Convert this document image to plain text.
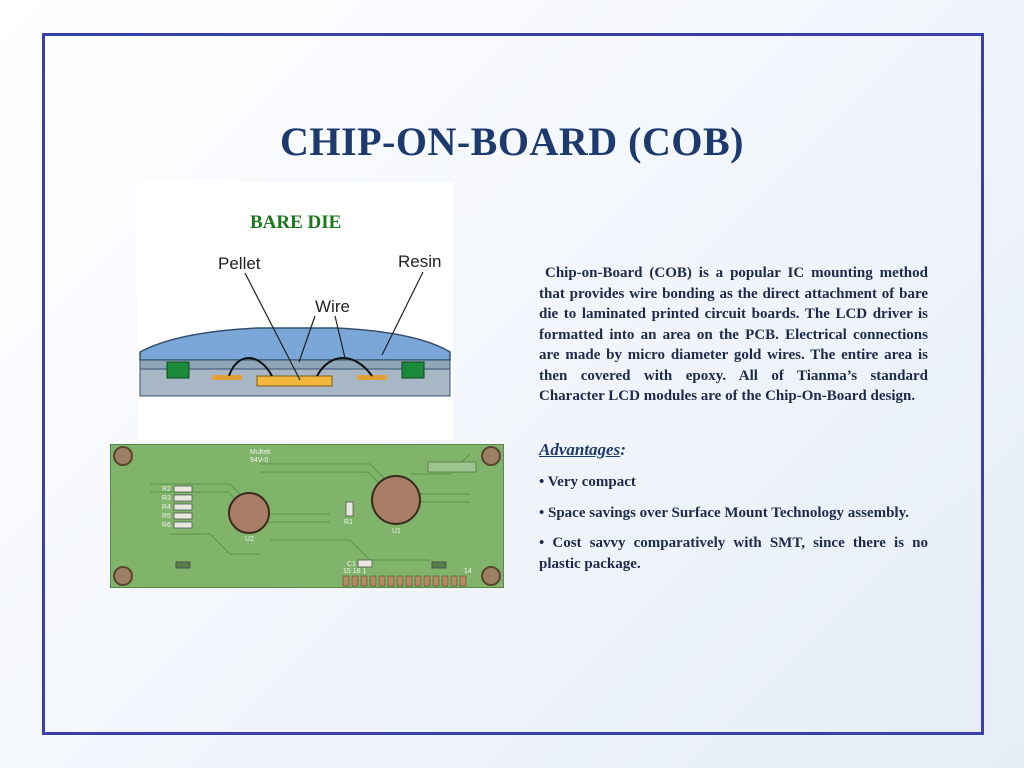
CHIP-ON-BOARD (COB)
BARE DIE
Pellet
Wire
Resin
R2
R3
R4
R5
R6	R1
U1
U2
C1
15 16 1	14
Multek
94V-0
Chip-on-Board (COB) is a popular IC mounting method that provides wire bonding as the direct attachment of bare die to laminated printed circuit boards. The LCD driver is formatted into an area on the PCB. Electrical connections are made by micro diameter gold wires. The entire area is then covered with epoxy. All of Tianma’s standard Character LCD modules are of the Chip-On-Board design.
Advantages:
• Very compact
• Space savings over Surface Mount Technology assembly.
• Cost savvy comparatively with SMT, since there is no plastic package.
